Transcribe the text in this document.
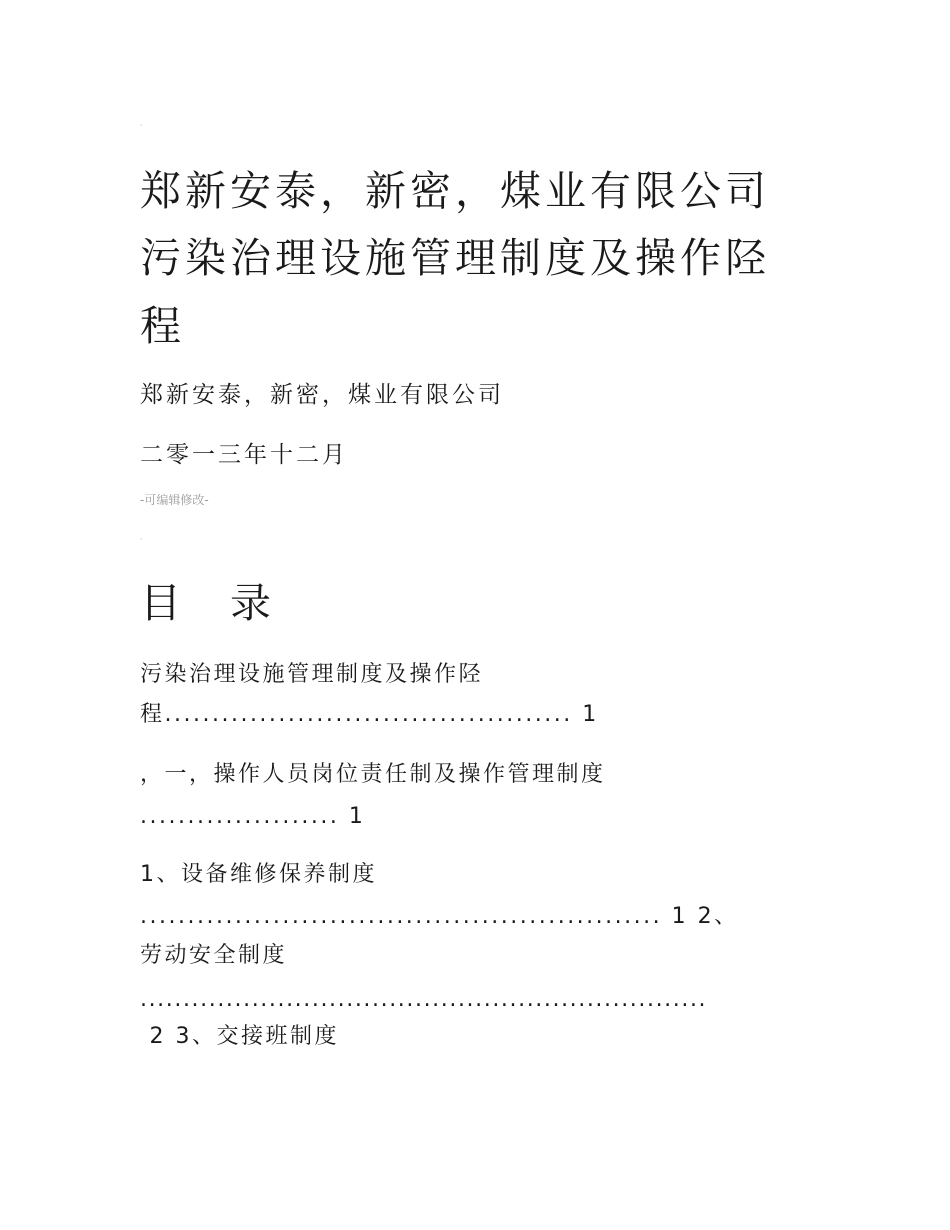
·
郑新安泰，新密，煤业有限公司
污染治理设施管理制度及操作陉
程
郑新安泰，新密，煤业有限公司
二零一三年十二月
-可编辑修改-
·
目 录
污染治理设施管理制度及操作陉
程........................................... 1
，一，操作人员岗位责任制及操作管理制度
..................... 1
1、设备维修保养制度
....................................................... 1 2、
劳动安全制度
..................................................................
2 3、交接班制度
